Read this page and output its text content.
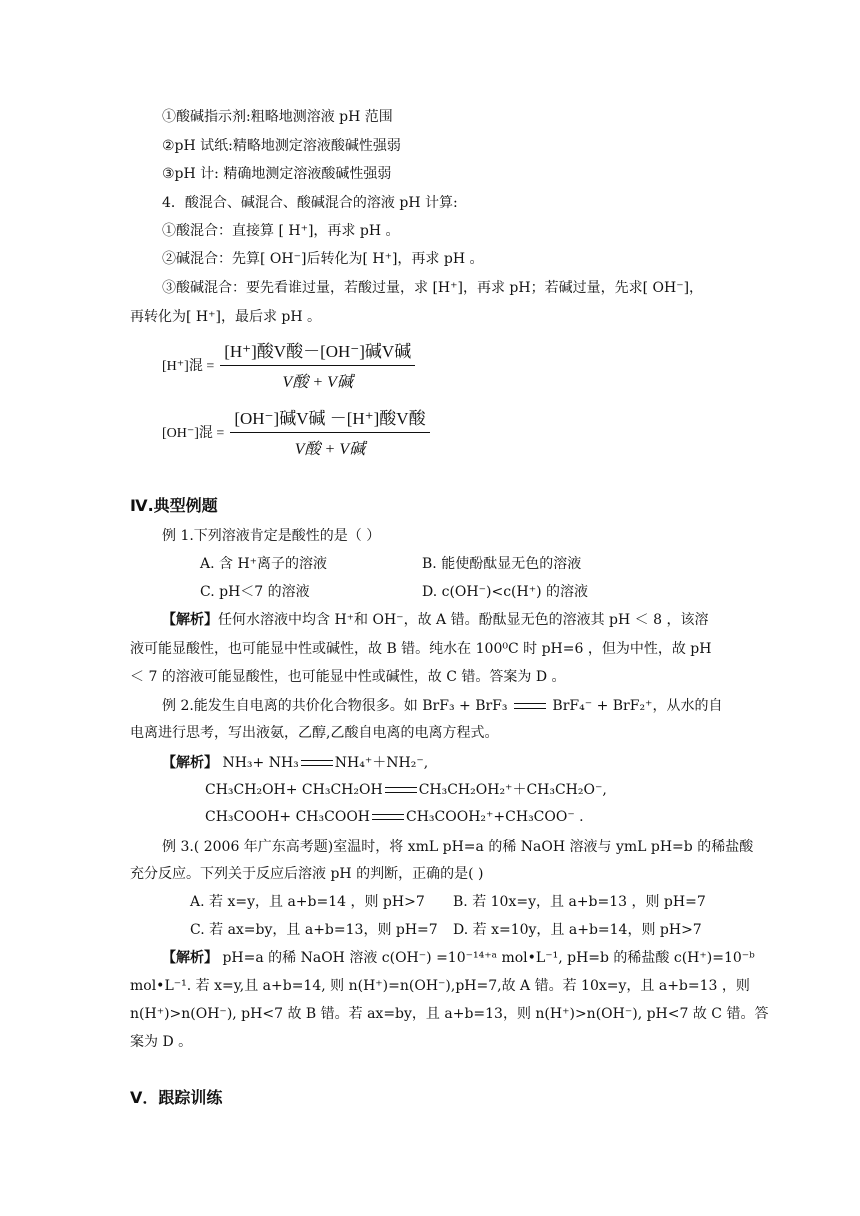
①酸碱指示剂:粗略地测溶液 pH 范围
②pH 试纸:精略地测定溶液酸碱性强弱
③pH 计: 精确地测定溶液酸碱性强弱
4．酸混合、碱混合、酸碱混合的溶液 pH 计算:
①酸混合：直接算 [ H⁺]，再求 pH 。
②碱混合：先算[ OH⁻]后转化为[ H⁺]，再求 pH 。
③酸碱混合：要先看谁过量，若酸过量，求 [H⁺]，再求 pH；若碱过量，先求[ OH⁻]，
再转化为[ H⁺]，最后求 pH 。
[H⁺]混 = $\frac{\text{[H⁺]酸V酸－[OH⁻]碱V碱}}{\text{V酸 + V碱}}$
[OH⁻]混 = $\frac{\text{[OH⁻]碱V碱 －[H⁺]酸V酸}}{\text{V酸 + V碱}}$
Ⅳ.典型例题
例 1.下列溶液肯定是酸性的是（ ）
A. 含 H⁺离子的溶液	B. 能使酚酞显无色的溶液
C. pH＜7 的溶液	D. c(OH⁻)<c(H⁺) 的溶液
【解析】任何水溶液中均含 H⁺和 OH⁻，故 A 错。酚酞显无色的溶液其 pH ＜ 8 ，该溶
液可能显酸性，也可能显中性或碱性，故 B 错。纯水在 100⁰C 时 pH=6 ，但为中性，故 pH
＜ 7 的溶液可能显酸性，也可能显中性或碱性，故 C 错。答案为 D 。
例 2.能发生自电离的共价化合物很多。如 BrF₃ + BrF₃	BrF₄⁻ + BrF₂⁺，从水的自
电离进行思考，写出液氨，乙醇,乙酸自电离的电离方程式。
【解析】 NH₃+ NH₃	NH₄⁺＋NH₂⁻,
CH₃CH₂OH+ CH₃CH₂OH	CH₃CH₂OH₂⁺＋CH₃CH₂O⁻,
CH₃COOH+ CH₃COOH	CH₃COOH₂⁺+CH₃COO⁻ .
例 3.( 2006 年广东高考题)室温时，将 xmL pH=a 的稀 NaOH 溶液与 ymL pH=b 的稀盐酸
充分反应。下列关于反应后溶液 pH 的判断，正确的是( )
A. 若 x=y，且 a+b=14 ，则 pH>7 B. 若 10x=y，且 a+b=13 ，则 pH=7
C. 若 ax=by，且 a+b=13，则 pH=7 D. 若 x=10y，且 a+b=14，则 pH>7
【解析】 pH=a 的稀 NaOH 溶液 c(OH⁻) =10⁻¹⁴⁺ᵃ mol•L⁻¹, pH=b 的稀盐酸 c(H⁺)=10⁻ᵇ
mol•L⁻¹. 若 x=y,且 a+b=14, 则 n(H⁺)=n(OH⁻),pH=7,故 A 错。若 10x=y，且 a+b=13 ，则
n(H⁺)>n(OH⁻), pH<7 故 B 错。若 ax=by，且 a+b=13，则 n(H⁺)>n(OH⁻), pH<7 故 C 错。答
案为 D 。
Ⅴ．跟踪训练
